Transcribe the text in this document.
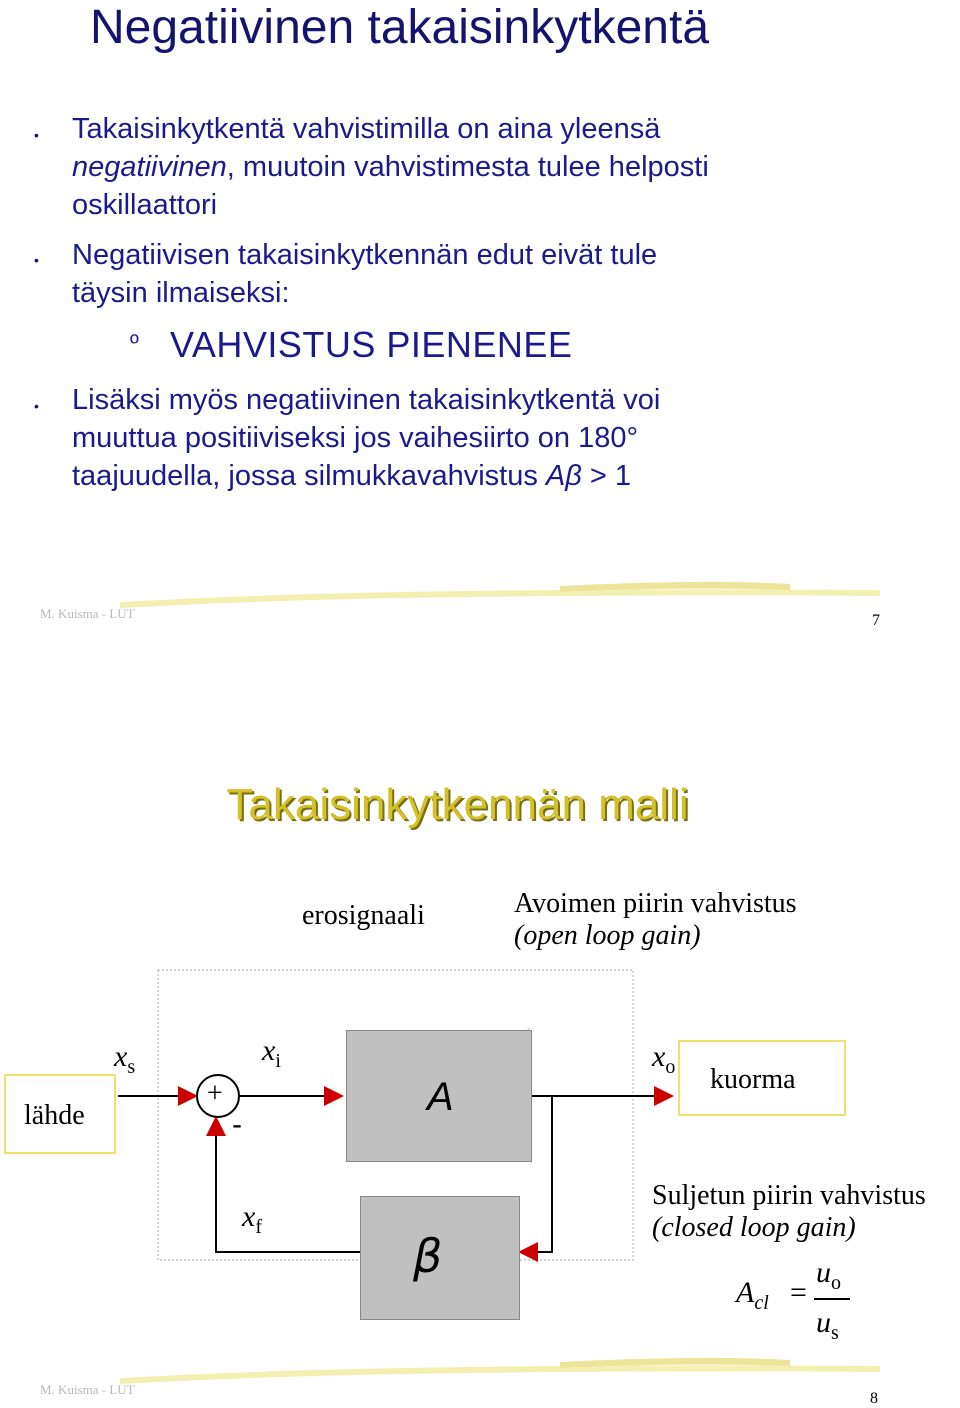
Negatiivinen takaisinkytkentä
• Takaisinkytkentä vahvistimilla on aina yleensä
negatiivinen, muutoin vahvistimesta tulee helposti
oskillaattori
• Negatiivisen takaisinkytkennän edut eivät tule
täysin ilmaiseksi:
º VAHVISTUS PIENENEE
• Lisäksi myös negatiivinen takaisinkytkentä voi
muuttua positiiviseksi jos vaihesiirto on 180°
taajuudella, jossa silmukkavahvistus Aβ > 1
M. Kuisma - LUT	7
Takaisinkytkennän malli
erosignaali	Avoimen piirin vahvistus
(open loop gain)
lähde
+
-
A
β
kuorma
$x_s$	$x_i$	$x_o$
$x_f$
Suljetun piirin vahvistus
(closed loop gain)
$A_{cl}$ =
$u_o$
$u_s$
M. Kuisma - LUT
8
